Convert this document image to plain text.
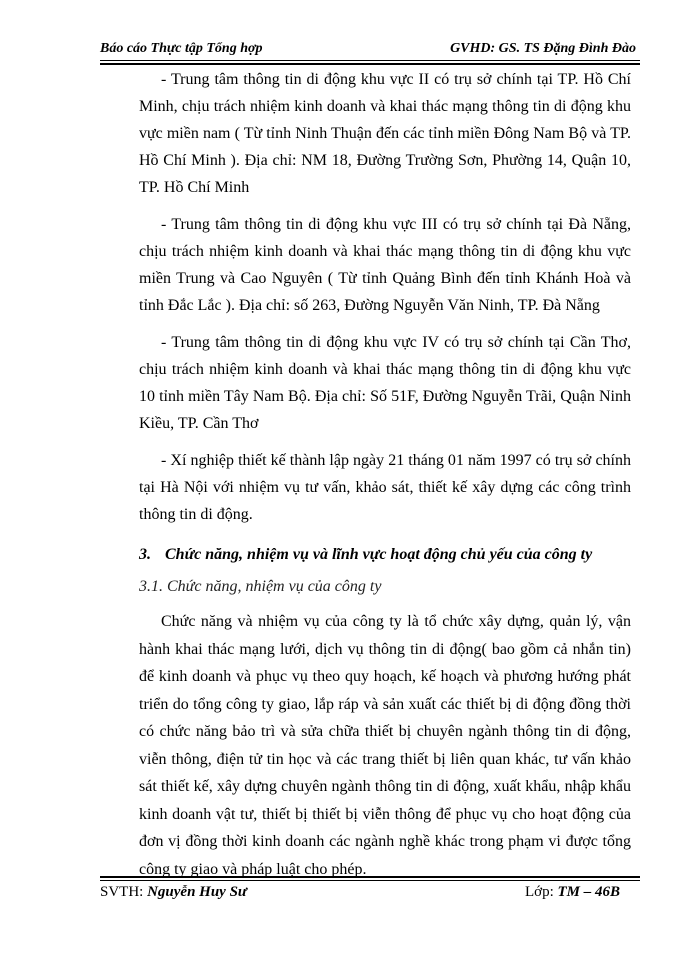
Báo cáo Thực tập Tổng hợp	GVHD: GS. TS Đặng Đình Đào

- Trung tâm thông tin di động khu vực II có trụ sở chính tại TP. Hồ Chí Minh, chịu trách nhiệm kinh doanh và khai thác mạng thông tin di động khu vực miền nam ( Từ tỉnh Ninh Thuận đến các tỉnh miền Đông Nam Bộ và TP. Hồ Chí Minh ). Địa chỉ: NM 18, Đường Trường Sơn, Phường 14, Quận 10, TP. Hồ Chí Minh

- Trung tâm thông tin di động khu vực III có trụ sở chính tại Đà Nẵng, chịu trách nhiệm kinh doanh và khai thác mạng thông tin di động khu vực miền Trung và Cao Nguyên ( Từ tỉnh Quảng Bình đến tỉnh Khánh Hoà và tỉnh Đắc Lắc ). Địa chỉ: số 263, Đường Nguyễn Văn Ninh, TP. Đà Nẵng

- Trung tâm thông tin di động khu vực IV có trụ sở chính tại Cần Thơ, chịu trách nhiệm kinh doanh và khai thác mạng thông tin di động khu vực 10 tỉnh miền Tây Nam Bộ. Địa chỉ: Số 51F, Đường Nguyễn Trãi, Quận Ninh Kiều, TP. Cần Thơ

- Xí nghiệp thiết kế thành lập ngày 21 tháng 01 năm 1997 có trụ sở chính tại Hà Nội với nhiệm vụ tư vấn, khảo sát, thiết kế xây dựng các công trình thông tin di động.

3. Chức năng, nhiệm vụ và lĩnh vực hoạt động chủ yếu của công ty
3.1. Chức năng, nhiệm vụ của công ty

Chức năng và nhiệm vụ của công ty là tổ chức xây dựng, quản lý, vận hành khai thác mạng lưới, dịch vụ thông tin di động( bao gồm cả nhắn tin) để kinh doanh và phục vụ theo quy hoạch, kế hoạch và phương hướng phát triển do tổng công ty giao, lắp ráp và sản xuất các thiết bị di động đồng thời có chức năng bảo trì và sửa chữa thiết bị chuyên ngành thông tin di động, viễn thông, điện tử tin học và các trang thiết bị liên quan khác, tư vấn khảo sát thiết kế, xây dựng chuyên ngành thông tin di động, xuất khẩu, nhập khẩu kinh doanh vật tư, thiết bị thiết bị viễn thông để phục vụ cho hoạt động của đơn vị đồng thời kinh doanh các ngành nghề khác trong phạm vi được tổng công ty giao và pháp luật cho phép.

SVTH: Nguyễn Huy Sư	Lớp: TM – 46B
